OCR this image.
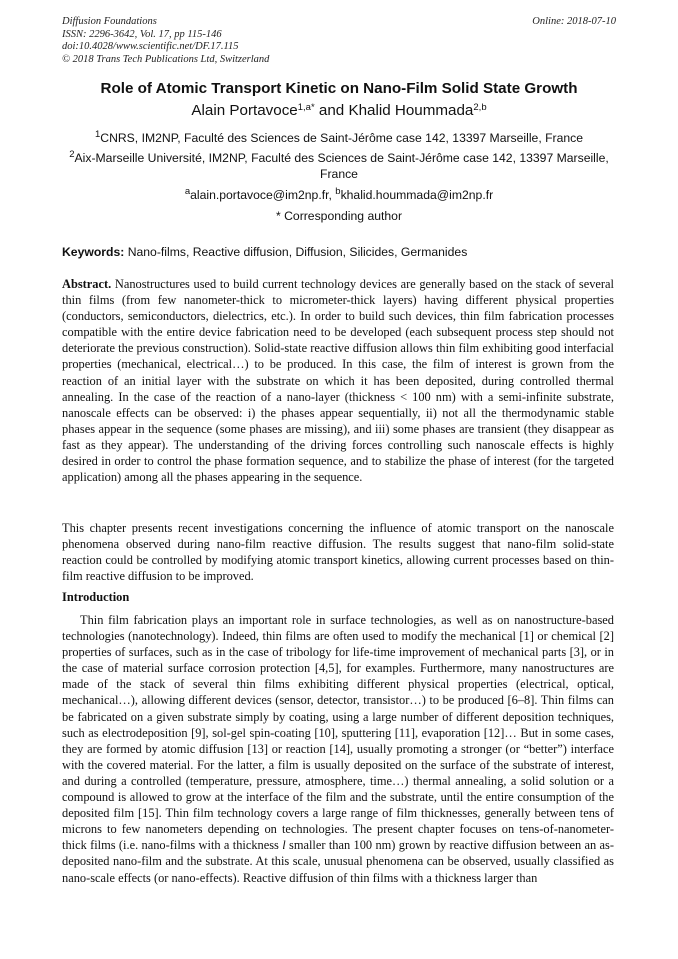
Diffusion Foundations
ISSN: 2296-3642, Vol. 17, pp 115-146
doi:10.4028/www.scientific.net/DF.17.115
© 2018 Trans Tech Publications Ltd, Switzerland
Online: 2018-07-10
Role of Atomic Transport Kinetic on Nano-Film Solid State Growth
Alain Portavoce$^{1,a*}$ and Khalid Hoummada$^{2,b}$
$^1$CNRS, IM2NP, Faculté des Sciences de Saint-Jérôme case 142, 13397 Marseille, France
$^2$Aix-Marseille Université, IM2NP, Faculté des Sciences de Saint-Jérôme case 142, 13397 Marseille, France
$^a$alain.portavoce@im2np.fr, $^b$khalid.hoummada@im2np.fr
* Corresponding author
Keywords: Nano-films, Reactive diffusion, Diffusion, Silicides, Germanides
Abstract. Nanostructures used to build current technology devices are generally based on the stack of several thin films (from few nanometer-thick to micrometer-thick layers) having different physical properties (conductors, semiconductors, dielectrics, etc.). In order to build such devices, thin film fabrication processes compatible with the entire device fabrication need to be developed (each subsequent process step should not deteriorate the previous construction). Solid-state reactive diffusion allows thin film exhibiting good interfacial properties (mechanical, electrical…) to be produced. In this case, the film of interest is grown from the reaction of an initial layer with the substrate on which it has been deposited, during controlled thermal annealing. In the case of the reaction of a nano-layer (thickness < 100 nm) with a semi-infinite substrate, nanoscale effects can be observed: i) the phases appear sequentially, ii) not all the thermodynamic stable phases appear in the sequence (some phases are missing), and iii) some phases are transient (they disappear as fast as they appear). The understanding of the driving forces controlling such nanoscale effects is highly desired in order to control the phase formation sequence, and to stabilize the phase of interest (for the targeted application) among all the phases appearing in the sequence.
This chapter presents recent investigations concerning the influence of atomic transport on the nanoscale phenomena observed during nano-film reactive diffusion. The results suggest that nano-film solid-state reaction could be controlled by modifying atomic transport kinetics, allowing current processes based on thin-film reactive diffusion to be improved.
Introduction
Thin film fabrication plays an important role in surface technologies, as well as on nanostructure-based technologies (nanotechnology). Indeed, thin films are often used to modify the mechanical [1] or chemical [2] properties of surfaces, such as in the case of tribology for life-time improvement of mechanical parts [3], or in the case of material surface corrosion protection [4,5], for examples. Furthermore, many nanostructures are made of the stack of several thin films exhibiting different physical properties (electrical, optical, mechanical…), allowing different devices (sensor, detector, transistor…) to be produced [6–8]. Thin films can be fabricated on a given substrate simply by coating, using a large number of different deposition techniques, such as electrodeposition [9], sol-gel spin-coating [10], sputtering [11], evaporation [12]… But in some cases, they are formed by atomic diffusion [13] or reaction [14], usually promoting a stronger (or “better”) interface with the covered material. For the latter, a film is usually deposited on the surface of the substrate of interest, and during a controlled (temperature, pressure, atmosphere, time…) thermal annealing, a solid solution or a compound is allowed to grow at the interface of the film and the substrate, until the entire consumption of the deposited film [15]. Thin film technology covers a large range of film thicknesses, generally between tens of microns to few nanometers depending on technologies. The present chapter focuses on tens-of-nanometer-thick films (i.e. nano-films with a thickness l smaller than 100 nm) grown by reactive diffusion between an as-deposited nano-film and the substrate. At this scale, unusual phenomena can be observed, usually classified as nano-scale effects (or nano-effects). Reactive diffusion of thin films with a thickness larger than
